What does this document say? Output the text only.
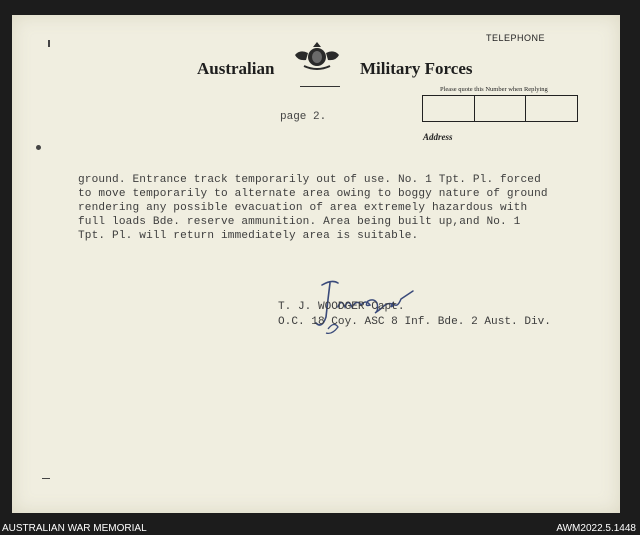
TELEPHONE
Australian	Military Forces
Please quote this Number when Replying
Address
page 2.
ground. Entrance track temporarily out of use. No. 1 Tpt. Pl. forced
to move temporarily to alternate area owing to boggy nature of ground
rendering any possible evacuation of area extremely hazardous with
full loads Bde. reserve ammunition. Area being built up,and No. 1
Tpt. Pl. will return immediately area is suitable.
T. J. WOODGER Capt.
O.C. 18 Coy. ASC 8 Inf. Bde. 2 Aust. Div.
AUSTRALIAN WAR MEMORIAL	AWM2022.5.1448
